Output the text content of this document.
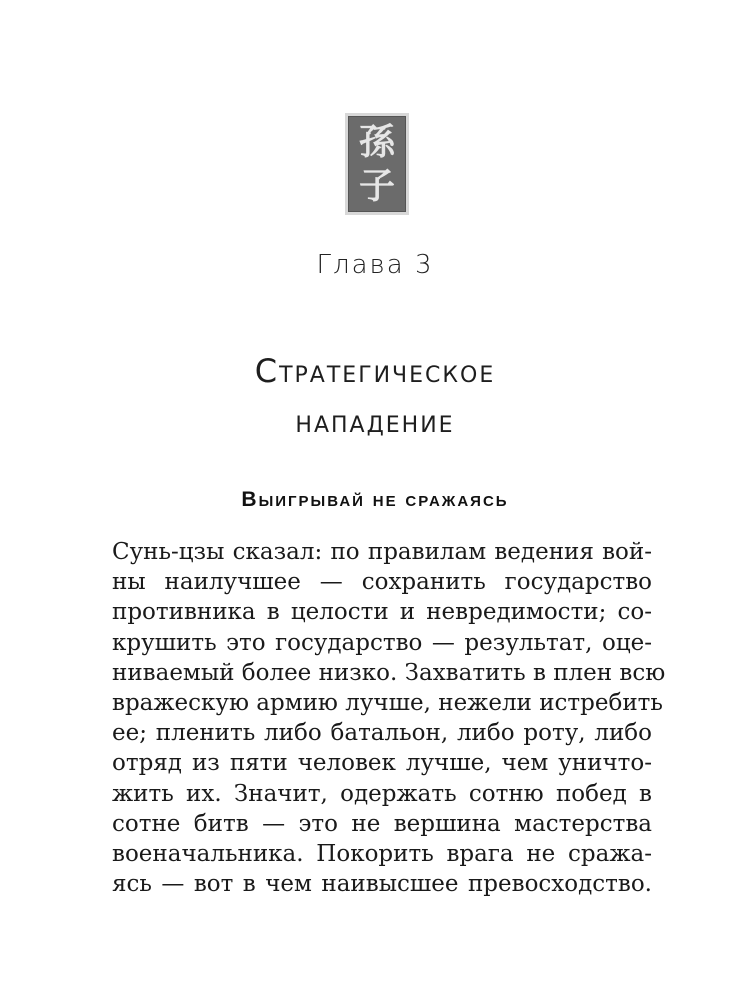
孫
子
Глава 3
Стратегическое
нападение
Выигрывай не сражаясь
Сунь-цзы сказал: по правилам ведения вой-
ны наилучшее — сохранить государство
противника в целости и невредимости; со-
крушить это государство — результат, оце-
ниваемый более низко. Захватить в плен всю
вражескую армию лучше, нежели истребить
ее; пленить либо батальон, либо роту, либо
отряд из пяти человек лучше, чем уничто-
жить их. Значит, одержать сотню побед в
сотне битв — это не вершина мастерства
военачальника. Покорить врага не сража-
ясь — вот в чем наивысшее превосходство.
